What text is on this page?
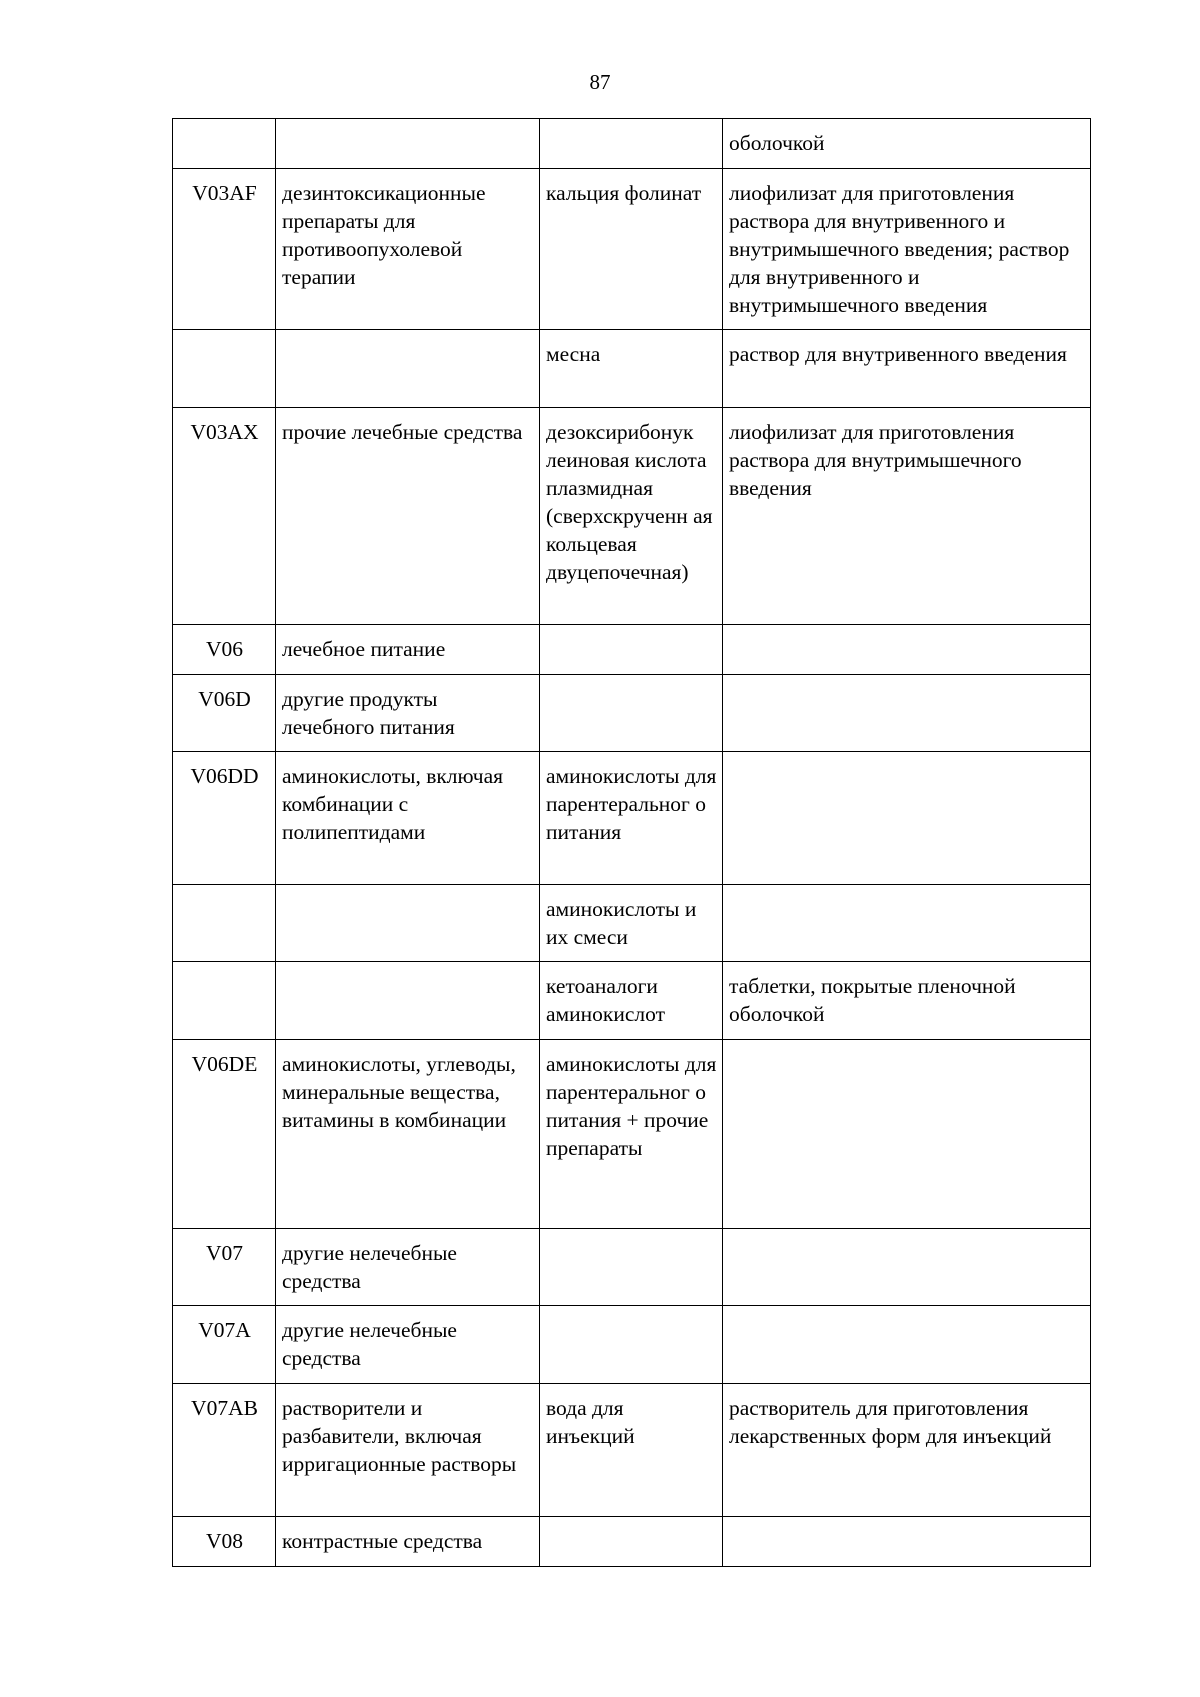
87
			оболочкой
V03AF	дезинтоксикационные препараты для противоопухолевой терапии	кальция фолинат	лиофилизат для приготовления раствора для внутривенного и внутримышечного введения; раствор для внутривенного и внутримышечного введения
		месна	раствор для внутривенного введения
V03AX	прочие лечебные средства	дезоксирибонук леиновая кислота плазмидная (сверхскрученн ая кольцевая двуцепочечная)	лиофилизат для приготовления раствора для внутримышечного введения
V06	лечебное питание		
V06D	другие продукты лечебного питания		
V06DD	аминокислоты, включая комбинации с полипептидами	аминокислоты для парентеральног о питания	
		аминокислоты и их смеси	
		кетоаналоги аминокислот	таблетки, покрытые пленочной оболочкой
V06DE	аминокислоты, углеводы, минеральные вещества, витамины в комбинации	аминокислоты для парентеральног о питания + прочие препараты	
V07	другие нелечебные средства		
V07A	другие нелечебные средства		
V07AB	растворители и разбавители, включая ирригационные растворы	вода для инъекций	растворитель для приготовления лекарственных форм для инъекций
V08	контрастные средства		
